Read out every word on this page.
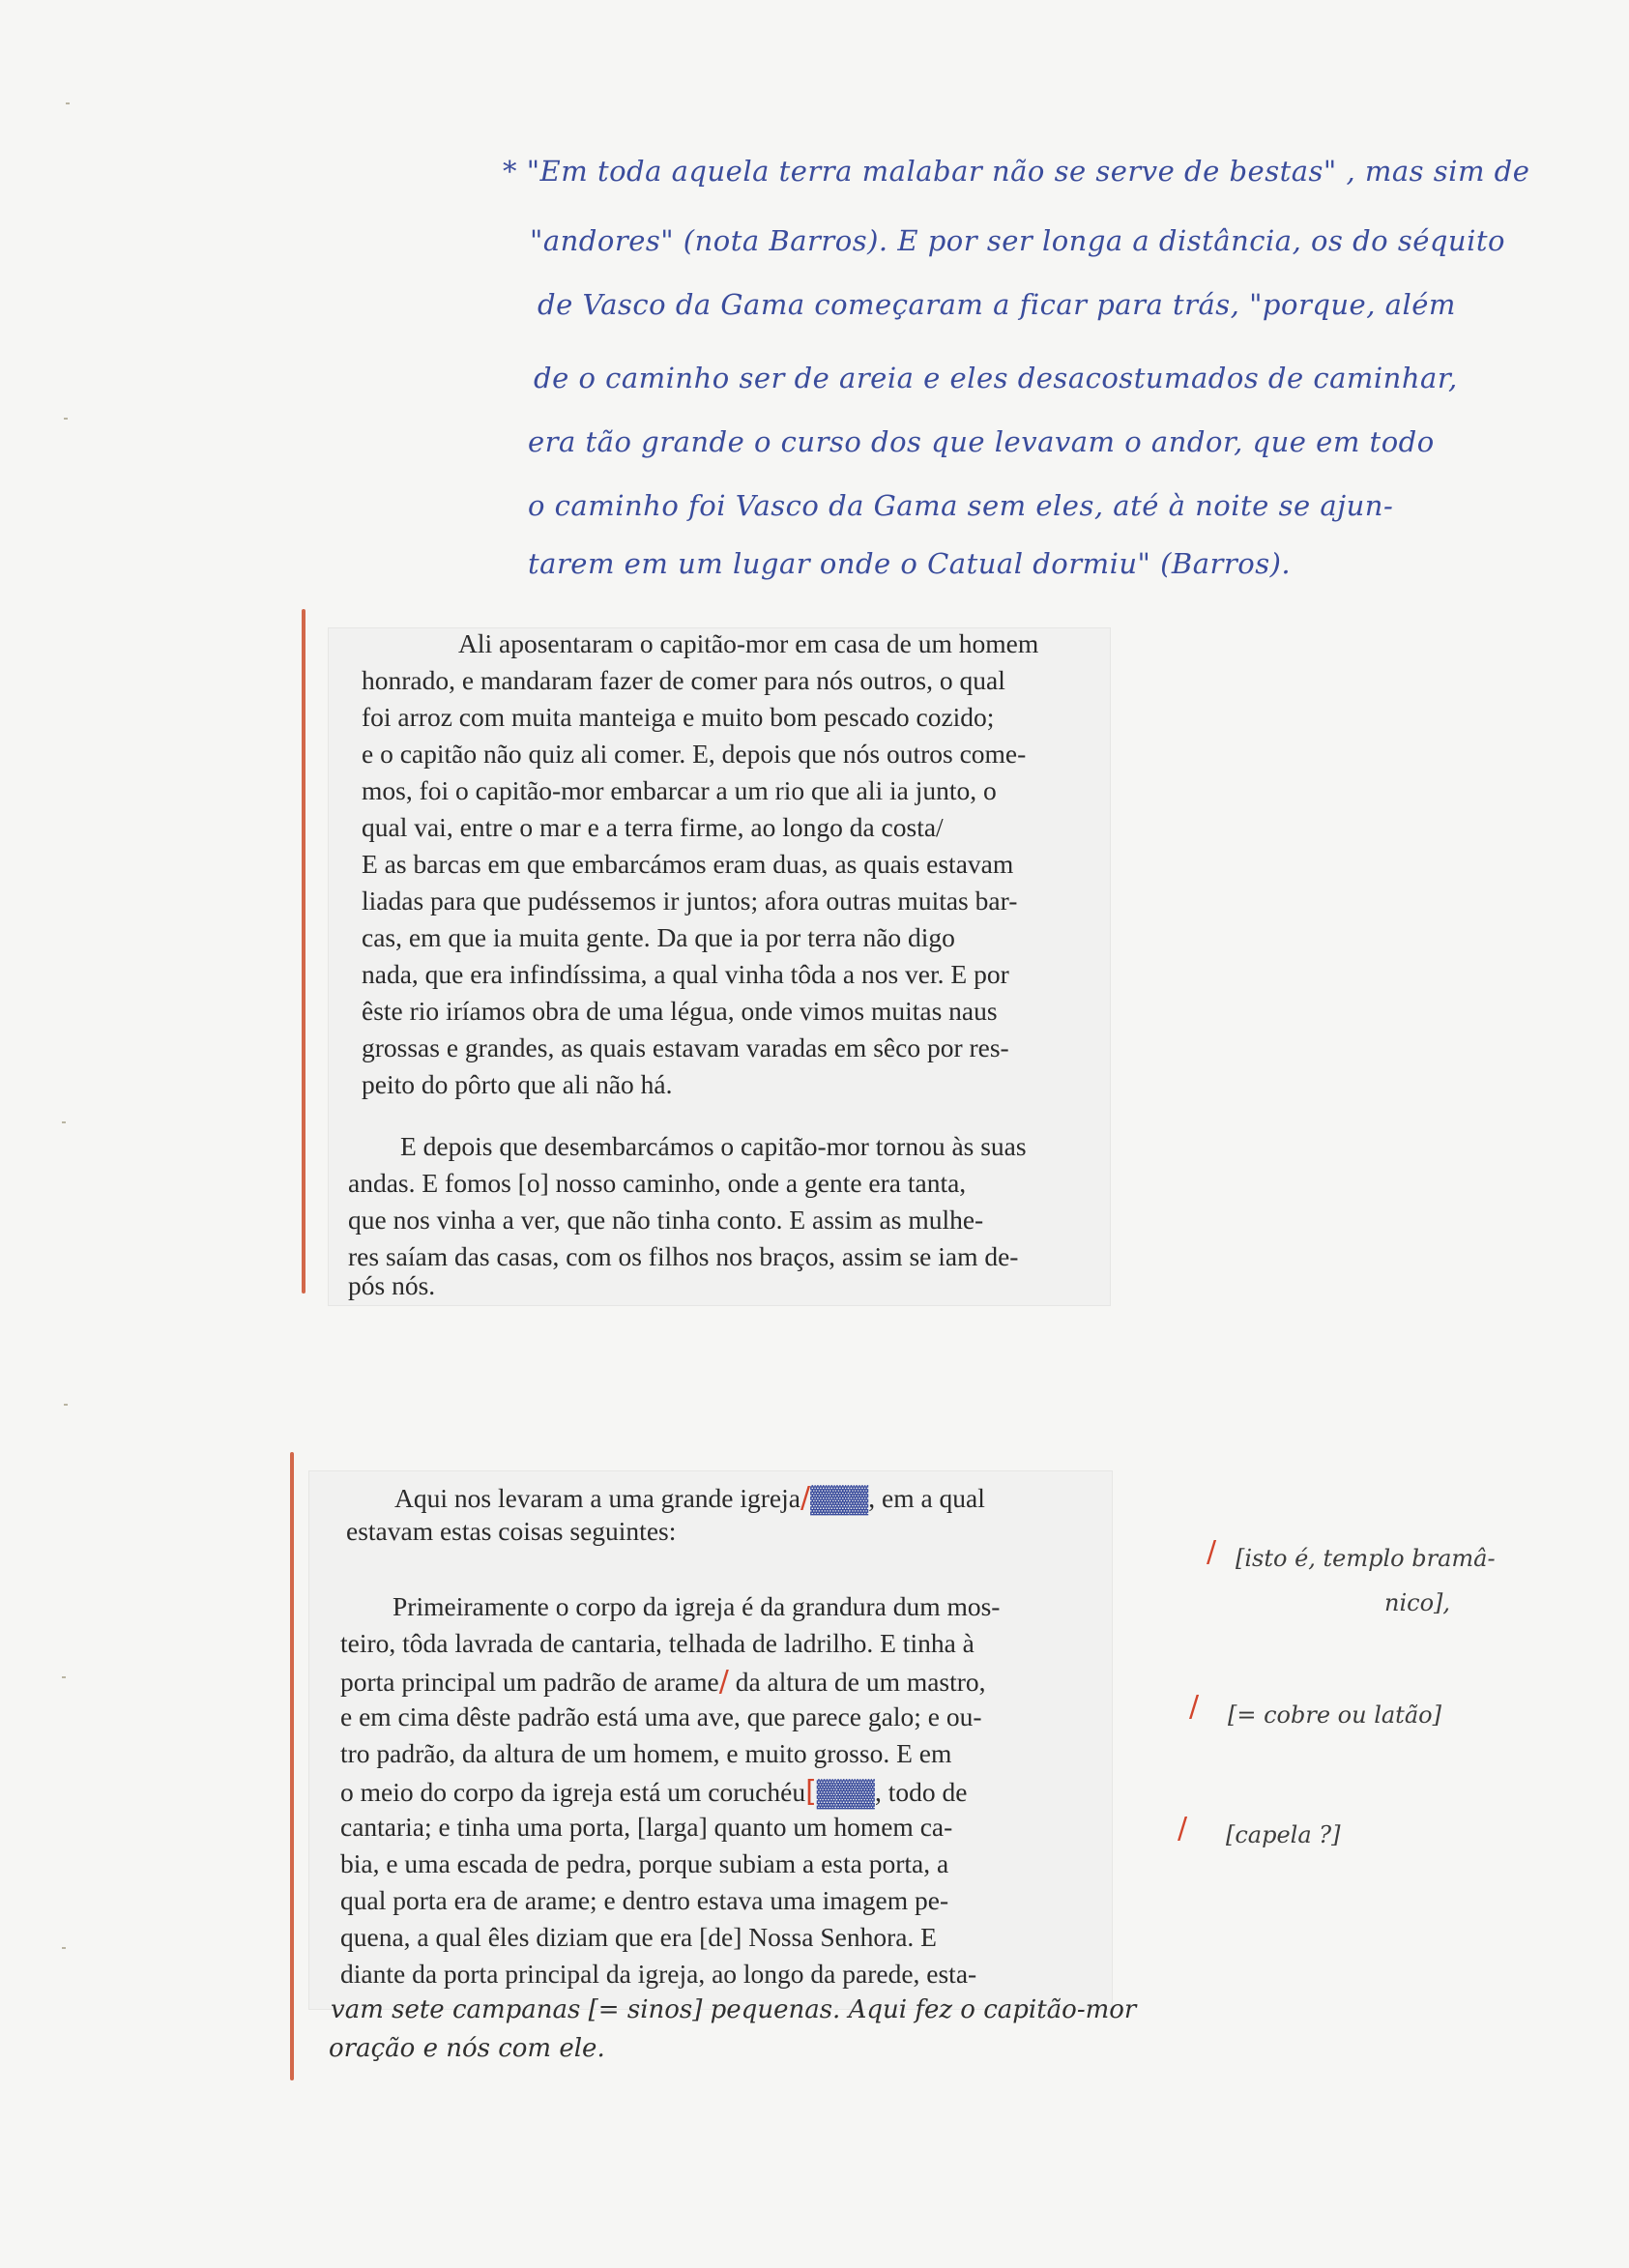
* "Em toda aquela terra malabar não se serve de bestas" , mas sim de
"andores" (nota Barros). E por ser longa a distância, os do séquito
de Vasco da Gama começaram a ficar para trás, "porque, além
de o caminho ser de areia e eles desacostumados de caminhar,
era tão grande o curso dos que levavam o andor, que em todo
o caminho foi Vasco da Gama sem eles, até à noite se ajun-
tarem em um lugar onde o Catual dormiu" (Barros).
Ali aposentaram o capitão-mor em casa de um homem
honrado, e mandaram fazer de comer para nós outros, o qual
foi arroz com muita manteiga e muito bom pescado cozido;
e o capitão não quiz ali comer. E, depois que nós outros come-
mos, foi o capitão-mor embarcar a um rio que ali ia junto, o
qual vai, entre o mar e a terra firme, ao longo da costa/
E as barcas em que embarcámos eram duas, as quais estavam
liadas para que pudéssemos ir juntos; afora outras muitas bar-
cas, em que ia muita gente. Da que ia por terra não digo
nada, que era infindíssima, a qual vinha tôda a nos ver. E por
êste rio iríamos obra de uma légua, onde vimos muitas naus
grossas e grandes, as quais estavam varadas em sêco por res-
peito do pôrto que ali não há.
E depois que desembarcámos o capitão-mor tornou às suas
andas. E fomos [o] nosso caminho, onde a gente era tanta,
que nos vinha a ver, que não tinha conto. E assim as mulhe-
res saíam das casas, com os filhos nos braços, assim se iam de-
pós nós.
Aqui nos levaram a uma grande igreja/▓▓▓, em a qual
estavam estas coisas seguintes:
Primeiramente o corpo da igreja é da grandura dum mos-
teiro, tôda lavrada de cantaria, telhada de ladrilho. E tinha à
porta principal um padrão de arame/ da altura de um mastro,
e em cima dêste padrão está uma ave, que parece galo; e ou-
tro padrão, da altura de um homem, e muito grosso. E em
o meio do corpo da igreja está um coruchéu[▓▓▓, todo de
cantaria; e tinha uma porta, [larga] quanto um homem ca-
bia, e uma escada de pedra, porque subiam a esta porta, a
qual porta era de arame; e dentro estava uma imagem pe-
quena, a qual êles diziam que era [de] Nossa Senhora. E
diante da porta principal da igreja, ao longo da parede, esta-
vam sete campanas [= sinos] pequenas. Aqui fez o capitão-mor
oração e nós com ele.
/ [isto é, templo bramâ-
nico],
/ [= cobre ou latão]
/ [capela ?]
